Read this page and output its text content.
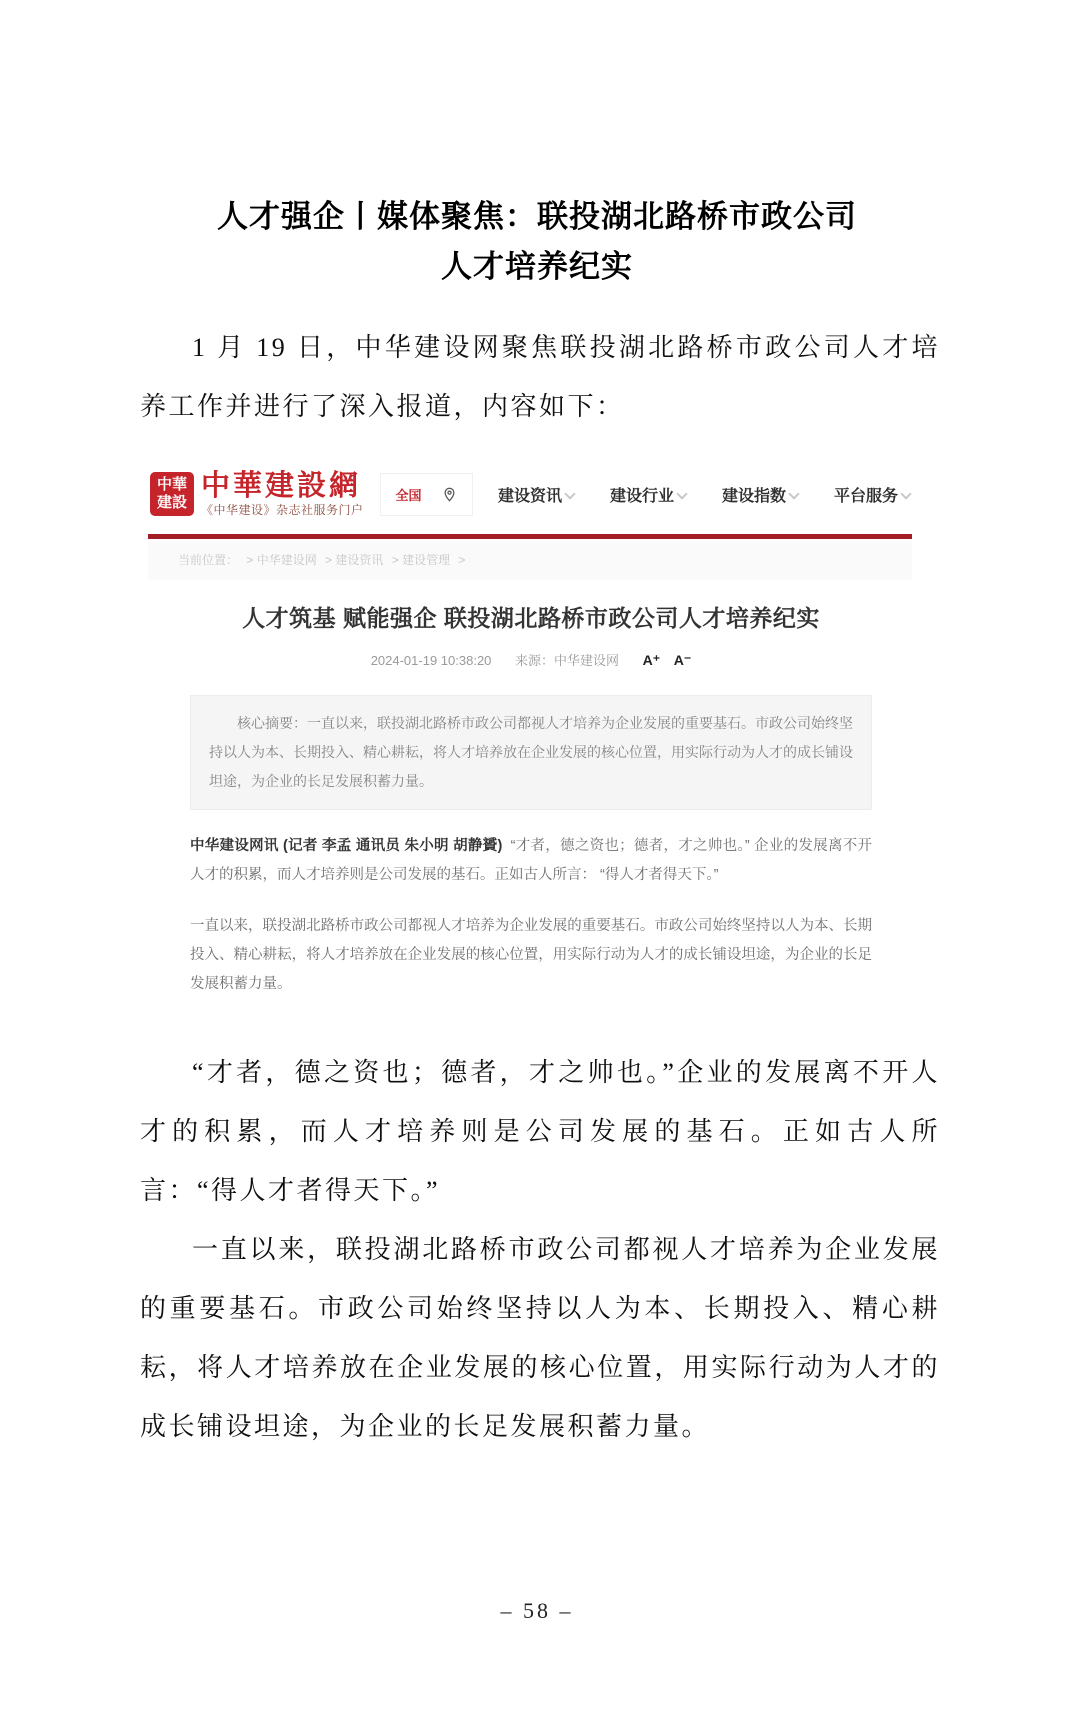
人才强企丨媒体聚焦：联投湖北路桥市政公司
人才培养纪实

1 月 19 日，中华建设网聚焦联投湖北路桥市政公司人才培养工作并进行了深入报道，内容如下：

中華
建設
中華建設網
《中华建设》杂志社服务门户
全国	建设资讯	建设行业	建设指数	平台服务
当前位置： > 中华建设网 > 建设资讯 > 建设管理 >
人才筑基 赋能强企 联投湖北路桥市政公司人才培养纪实
2024-01-19 10:38:20 来源：中华建设网 A⁺ A⁻
核心摘要：一直以来，联投湖北路桥市政公司都视人才培养为企业发展的重要基石。市政公司始终坚持以人为本、长期投入、精心耕耘，将人才培养放在企业发展的核心位置，用实际行动为人才的成长铺设坦途，为企业的长足发展积蓄力量。

中华建设网讯 (记者 李孟 通讯员 朱小明 胡静贇) “才者，德之资也；德者，才之帅也。” 企业的发展离不开人才的积累，而人才培养则是公司发展的基石。正如古人所言： “得人才者得天下。”

一直以来，联投湖北路桥市政公司都视人才培养为企业发展的重要基石。市政公司始终坚持以人为本、长期投入、精心耕耘，将人才培养放在企业发展的核心位置，用实际行动为人才的成长铺设坦途，为企业的长足发展积蓄力量。

“才者，德之资也；德者，才之帅也。”企业的发展离不开人才的积累，而人才培养则是公司发展的基石。正如古人所言：“得人才者得天下。”

一直以来，联投湖北路桥市政公司都视人才培养为企业发展的重要基石。市政公司始终坚持以人为本、长期投入、精心耕耘，将人才培养放在企业发展的核心位置，用实际行动为人才的成长铺设坦途，为企业的长足发展积蓄力量。

– 58 –
